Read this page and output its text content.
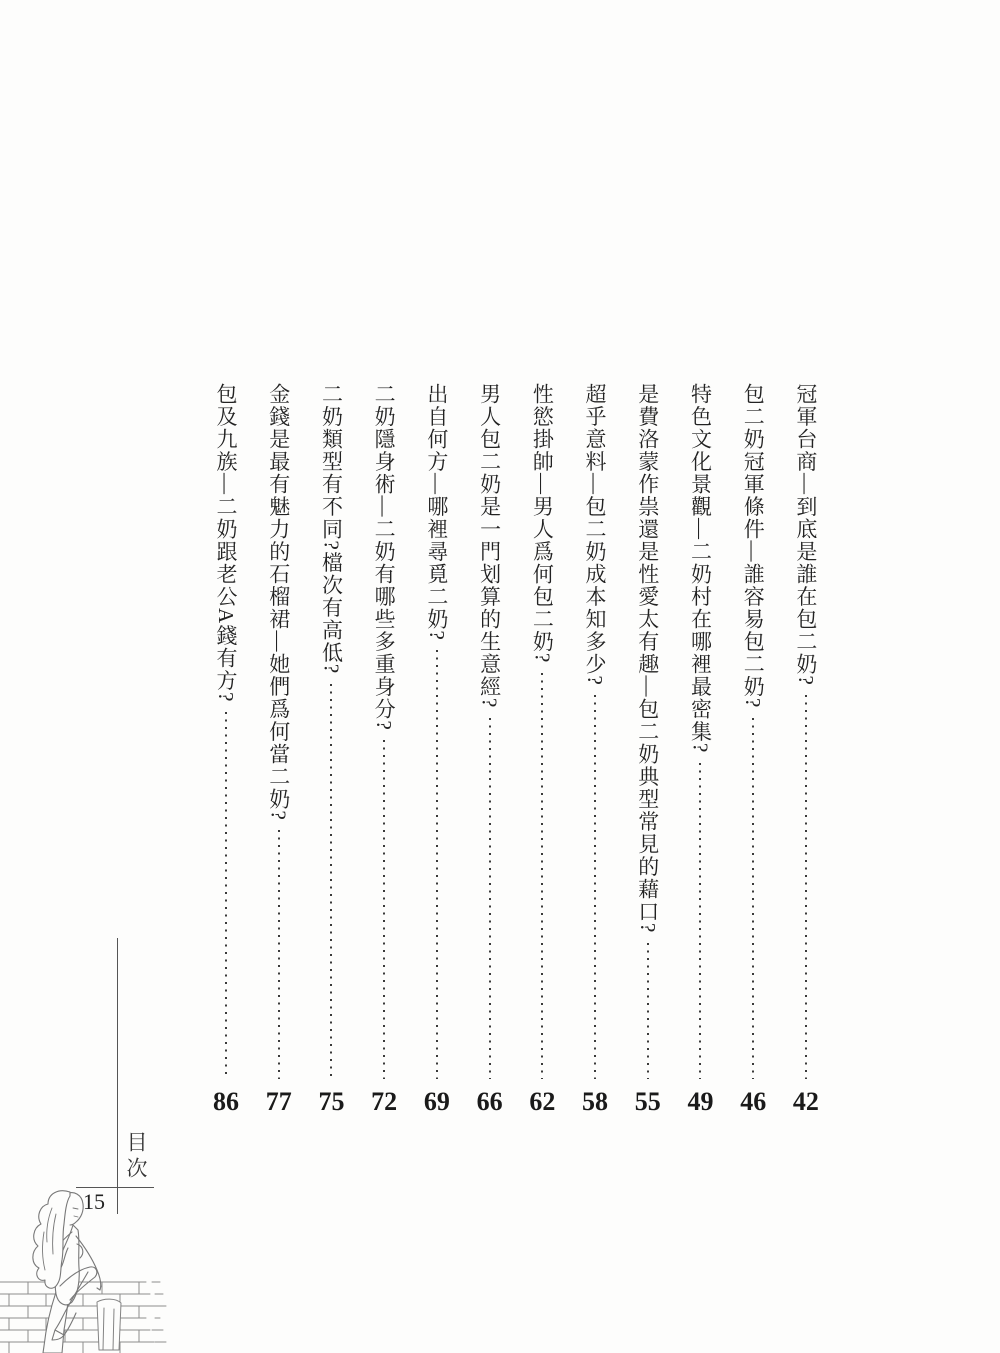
冠軍台商—到底是誰在包二奶?
42
包二奶冠軍條件—誰容易包二奶?
46
特色文化景觀—二奶村在哪裡最密集?
49
是費洛蒙作祟還是性愛太有趣—包二奶典型常見的藉口?
55
超乎意料—包二奶成本知多少?
58
性慾掛帥—男人爲何包二奶?
62
男人包二奶是一門划算的生意經?
66
出自何方—哪裡尋覓二奶?
69
二奶隱身術—二奶有哪些多重身分?
72
二奶類型有不同?檔次有高低?
75
金錢是最有魅力的石榴裙—她們爲何當二奶?
77
包及九族—二奶跟老公A錢有方?
86
目次
15
